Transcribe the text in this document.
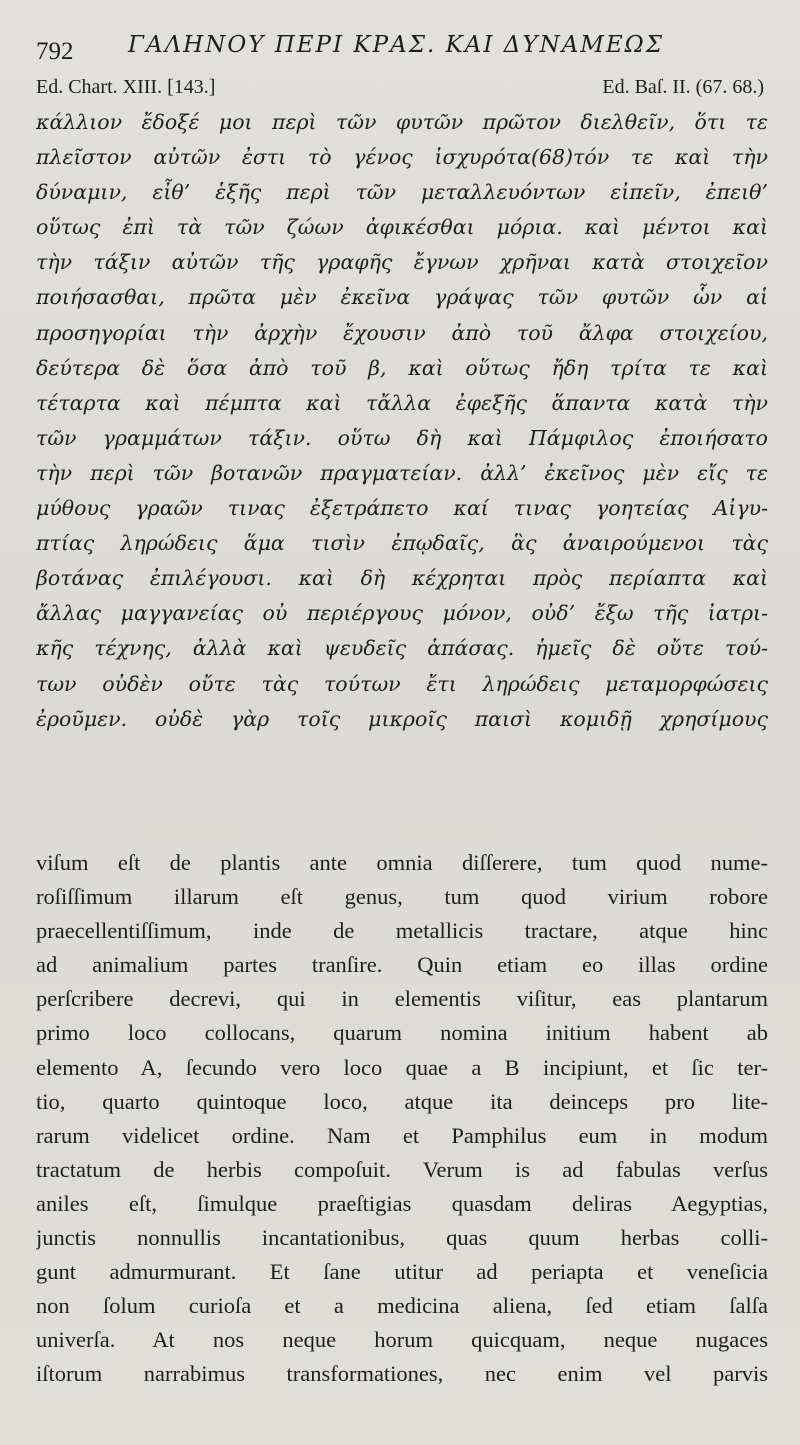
792 ΓΑΛΗΝΟΥ ΠΕΡΙ ΚΡΑΣ. ΚΑΙ ΔΥΝΑΜΕΩΣ
Ed. Chart. XIII. [143.]	Ed. Baſ. II. (67. 68.)
κάλλιον ἔδοξέ μοι περὶ τῶν φυτῶν πρῶτον διελθεῖν, ὅτι τε
πλεῖστον αὐτῶν ἐστι τὸ γένος ἰσχυρότα(68)τόν τε καὶ τὴν
δύναμιν, εἶθ’ ἑξῆς περὶ τῶν μεταλλευόντων εἰπεῖν, ἐπειθ’
οὕτως ἐπὶ τὰ τῶν ζώων ἀφικέσθαι μόρια. καὶ μέντοι καὶ
τὴν τάξιν αὐτῶν τῆς γραφῆς ἔγνων χρῆναι κατὰ στοιχεῖον
ποιήσασθαι, πρῶτα μὲν ἐκεῖνα γράψας τῶν φυτῶν ὧν αἱ
προσηγορίαι τὴν ἀρχὴν ἔχουσιν ἀπὸ τοῦ ἄλφα στοιχείου,
δεύτερα δὲ ὅσα ἀπὸ τοῦ β, καὶ οὕτως ἤδη τρίτα τε καὶ
τέταρτα καὶ πέμπτα καὶ τἄλλα ἐφεξῆς ἅπαντα κατὰ τὴν
τῶν γραμμάτων τάξιν. οὕτω δὴ καὶ Πάμφιλος ἐποιήσατο
τὴν περὶ τῶν βοτανῶν πραγματείαν. ἀλλ’ ἐκεῖνος μὲν εἴς τε
μύθους γραῶν τινας ἐξετράπετο καί τινας γοητείας Αἰγυ-
πτίας ληρώδεις ἅμα τισὶν ἐπῳδαῖς, ἃς ἀναιρούμενοι τὰς
βοτάνας ἐπιλέγουσι. καὶ δὴ κέχρηται πρὸς περίαπτα καὶ
ἄλλας μαγγανείας οὐ περιέργους μόνον, οὐδ’ ἔξω τῆς ἰατρι-
κῆς τέχνης, ἀλλὰ καὶ ψευδεῖς ἁπάσας. ἡμεῖς δὲ οὔτε τού-
των οὐδὲν οὔτε τὰς τούτων ἔτι ληρώδεις μεταμορφώσεις
ἐροῦμεν. οὐδὲ γὰρ τοῖς μικροῖς παισὶ κομιδῇ χρησίμους
viſum eſt de plantis ante omnia diſſerere, tum quod nume-
roſiſſimum illarum eſt genus, tum quod virium robore
praecellentiſſimum, inde de metallicis tractare, atque hinc
ad animalium partes tranſire. Quin etiam eo illas ordine
perſcribere decrevi, qui in elementis viſitur, eas plantarum
primo loco collocans, quarum nomina initium habent ab
elemento A, ſecundo vero loco quae a B incipiunt, et ſic ter-
tio, quarto quintoque loco, atque ita deinceps pro lite-
rarum videlicet ordine. Nam et Pamphilus eum in modum
tractatum de herbis compoſuit. Verum is ad fabulas verſus
aniles eſt, ſimulque praeſtigias quasdam deliras Aegyptias,
junctis nonnullis incantationibus, quas quum herbas colli-
gunt admurmurant. Et ſane utitur ad periapta et veneſicia
non ſolum curioſa et a medicina aliena, ſed etiam ſalſa
univerſa. At nos neque horum quicquam, neque nugaces
iſtorum narrabimus transformationes, nec enim vel parvis
